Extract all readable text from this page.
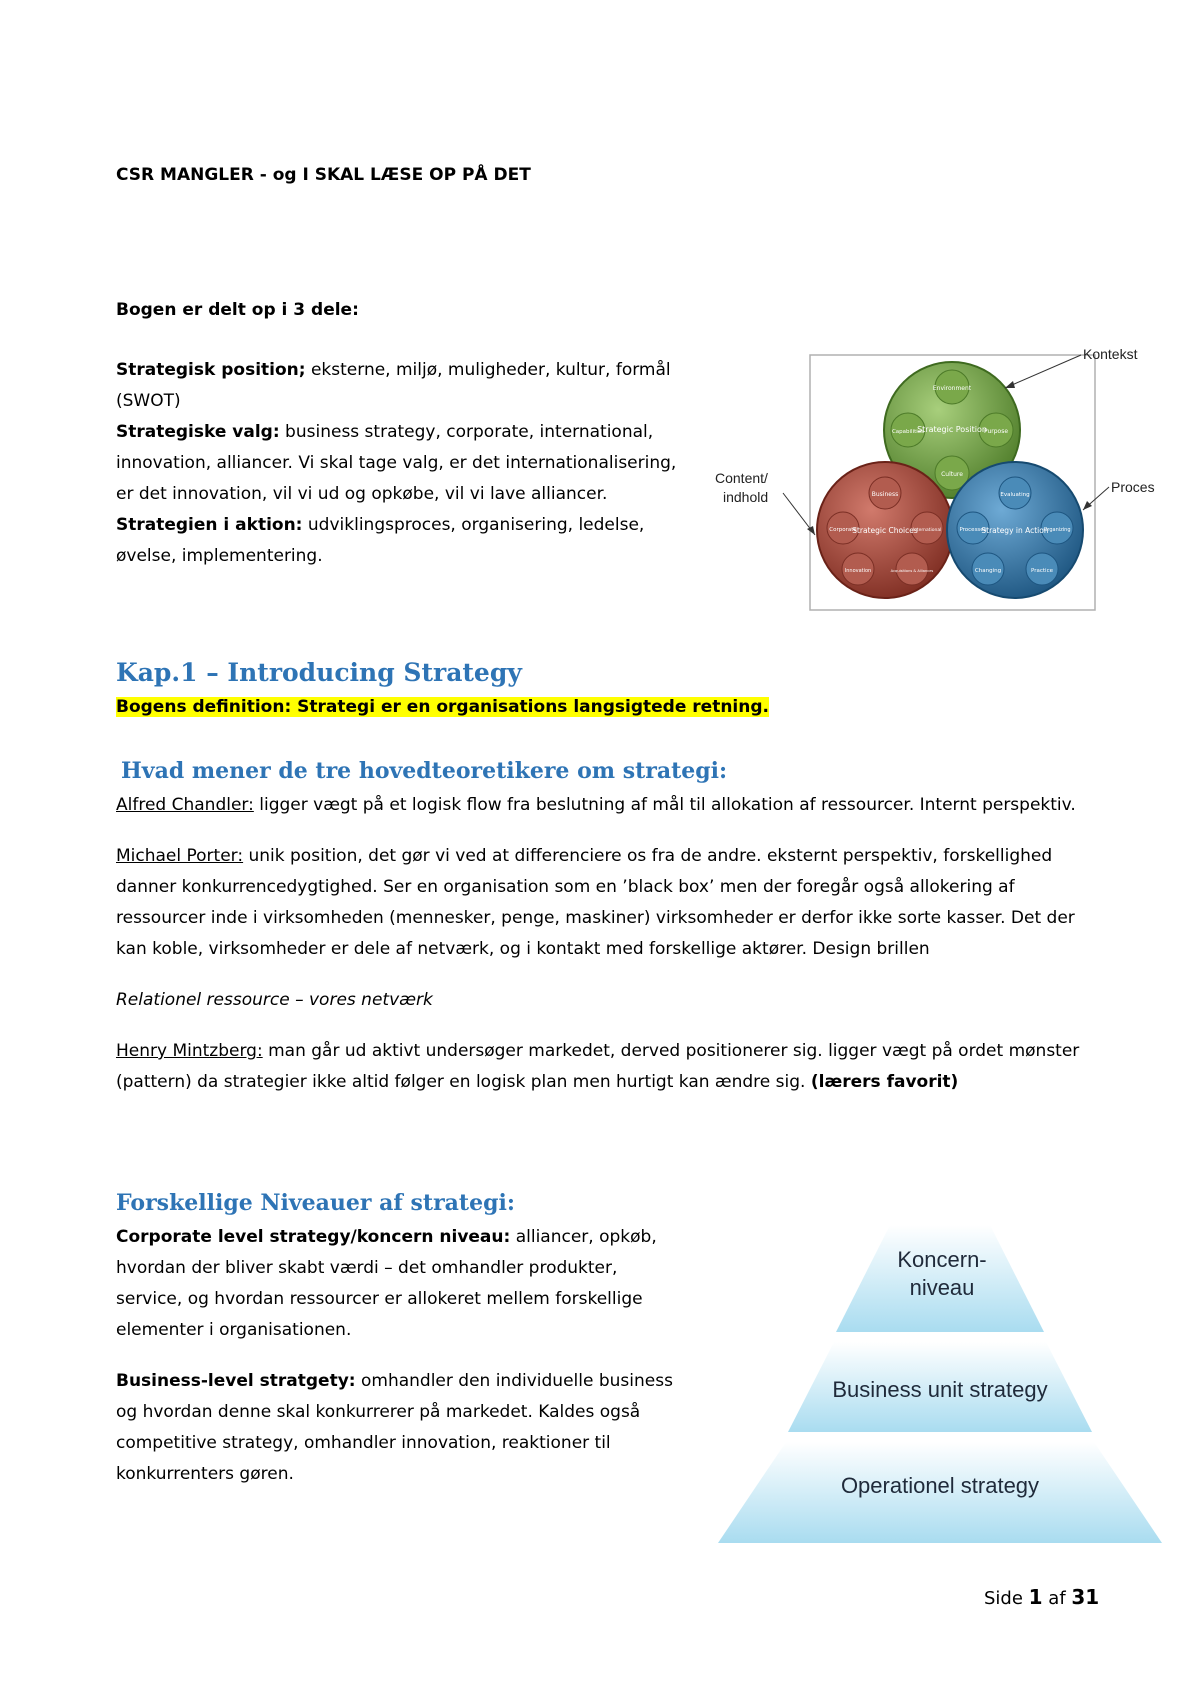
CSR MANGLER - og I SKAL LÆSE OP PÅ DET

Bogen er delt op i 3 dele:

Strategisk position; eksterne, miljø, muligheder, kultur, formål (SWOT)

Strategiske valg: business strategy, corporate, international, innovation, alliancer. Vi skal tage valg, er det internationalisering, er det innovation, vil vi ud og opkøbe, vil vi lave alliancer.

Strategien i aktion: udviklingsproces, organisering, ledelse, øvelse, implementering.

Environment
Capabilities	Purpose
Culture
Strategic Position
Business
Corporate	International
Innovation	Acquisitions & Alliances
Strategic Choices
Evaluating
Processes	Organizing
Changing	Practice
Strategy in Action
Kontekst
Content/
indhold
Proces

Kap.1 – Introducing Strategy

Bogens definition: Strategi er en organisations langsigtede retning.

Hvad mener de tre hovedteoretikere om strategi:

Alfred Chandler: ligger vægt på et logisk flow fra beslutning af mål til allokation af ressourcer. Internt perspektiv.

Michael Porter: unik position, det gør vi ved at differenciere os fra de andre. eksternt perspektiv, forskellighed danner konkurrencedygtighed. Ser en organisation som en ’black box’ men der foregår også allokering af ressourcer inde i virksomheden (mennesker, penge, maskiner) virksomheder er derfor ikke sorte kasser. Det der kan koble, virksomheder er dele af netværk, og i kontakt med forskellige aktører. Design brillen

Relationel ressource – vores netværk

Henry Mintzberg: man går ud aktivt undersøger markedet, derved positionerer sig. ligger vægt på ordet mønster (pattern) da strategier ikke altid følger en logisk plan men hurtigt kan ændre sig. (lærers favorit)

Forskellige Niveauer af strategi:

Corporate level strategy/koncern niveau: alliancer, opkøb, hvordan der bliver skabt værdi – det omhandler produkter, service, og hvordan ressourcer er allokeret mellem forskellige elementer i organisationen.

Business-level stratgety: omhandler den individuelle business og hvordan denne skal konkurrerer på markedet. Kaldes også competitive strategy, omhandler innovation, reaktioner til konkurrenters gøren.

Koncern-
niveau
Business unit strategy
Operationel strategy

Side 1 af 31
